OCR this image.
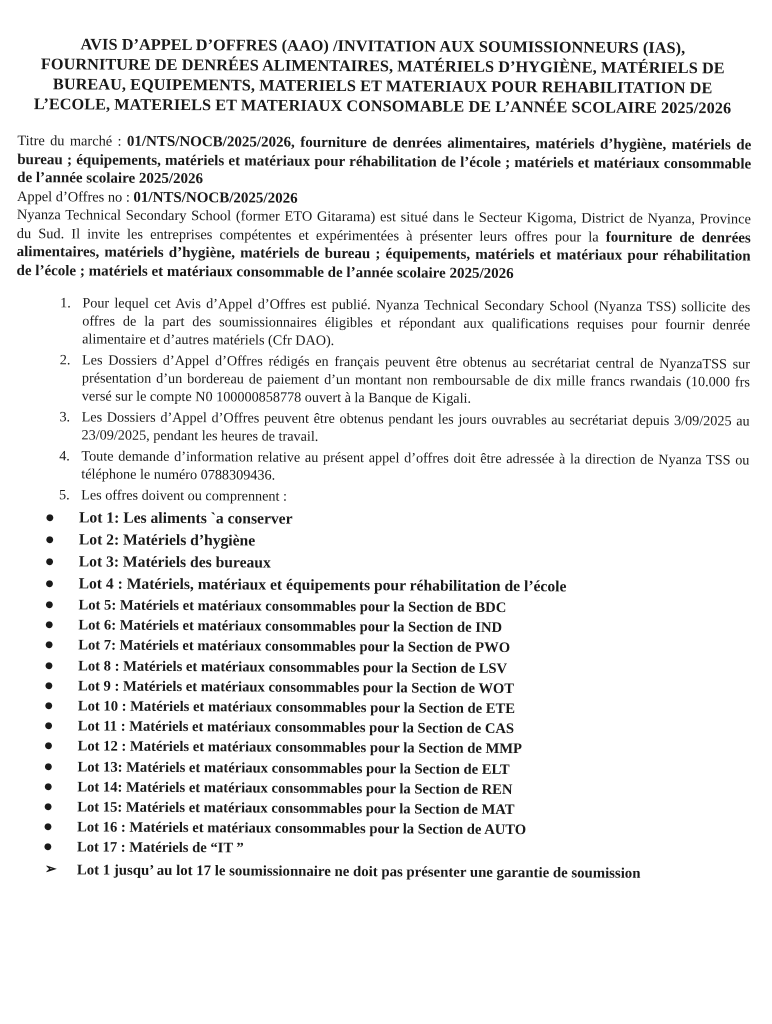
AVIS D’APPEL D’OFFRES (AAO) /INVITATION AUX SOUMISSIONNEURS (IAS), FOURNITURE DE DENRÉES ALIMENTAIRES, MATÉRIELS D’HYGIÈNE, MATÉRIELS DE BUREAU, EQUIPEMENTS, MATERIELS ET MATERIAUX POUR REHABILITATION DE L’ECOLE, MATERIELS ET MATERIAUX CONSOMABLE DE L’ANNÉE SCOLAIRE 2025/2026
Titre du marché : 01/NTS/NOCB/2025/2026, fourniture de denrées alimentaires, matériels d’hygiène, matériels de bureau ; équipements, matériels et matériaux pour réhabilitation de l’école ; matériels et matériaux consommable de l’année scolaire 2025/2026
Appel d’Offres no : 01/NTS/NOCB/2025/2026
Nyanza Technical Secondary School (former ETO Gitarama) est situé dans le Secteur Kigoma, District de Nyanza, Province du Sud. Il invite les entreprises compétentes et expérimentées à présenter leurs offres pour la fourniture de denrées alimentaires, matériels d’hygiène, matériels de bureau ; équipements, matériels et matériaux pour réhabilitation de l’école ; matériels et matériaux consommable de l’année scolaire 2025/2026
1. Pour lequel cet Avis d’Appel d’Offres est publié. Nyanza Technical Secondary School (Nyanza TSS) sollicite des offres de la part des soumissionnaires éligibles et répondant aux qualifications requises pour fournir denrée alimentaire et d’autres matériels (Cfr DAO).
2. Les Dossiers d’Appel d’Offres rédigés en français peuvent être obtenus au secrétariat central de NyanzaTSS sur présentation d’un bordereau de paiement d’un montant non remboursable de dix mille francs rwandais (10.000 frs versé sur le compte N0 100000858778 ouvert à la Banque de Kigali.
3. Les Dossiers d’Appel d’Offres peuvent être obtenus pendant les jours ouvrables au secrétariat depuis 3/09/2025 au 23/09/2025, pendant les heures de travail.
4. Toute demande d’information relative au présent appel d’offres doit être adressée à la direction de Nyanza TSS ou téléphone le numéro 0788309436.
5. Les offres doivent ou comprennent :
● Lot 1: Les aliments `a conserver
● Lot 2: Matériels d’hygiène
● Lot 3: Matériels des bureaux
● Lot 4 : Matériels, matériaux et équipements pour réhabilitation de l’école
● Lot 5: Matériels et matériaux consommables pour la Section de BDC
● Lot 6: Matériels et matériaux consommables pour la Section de IND
● Lot 7: Matériels et matériaux consommables pour la Section de PWO
● Lot 8 : Matériels et matériaux consommables pour la Section de LSV
● Lot 9 : Matériels et matériaux consommables pour la Section de WOT
● Lot 10 : Matériels et matériaux consommables pour la Section de ETE
● Lot 11 : Matériels et matériaux consommables pour la Section de CAS
● Lot 12 : Matériels et matériaux consommables pour la Section de MMP
● Lot 13: Matériels et matériaux consommables pour la Section de ELT
● Lot 14: Matériels et matériaux consommables pour la Section de REN
● Lot 15: Matériels et matériaux consommables pour la Section de MAT
● Lot 16 : Matériels et matériaux consommables pour la Section de AUTO
● Lot 17 : Matériels de “IT ”
➢ Lot 1 jusqu’ au lot 17 le soumissionnaire ne doit pas présenter une garantie de soumission
